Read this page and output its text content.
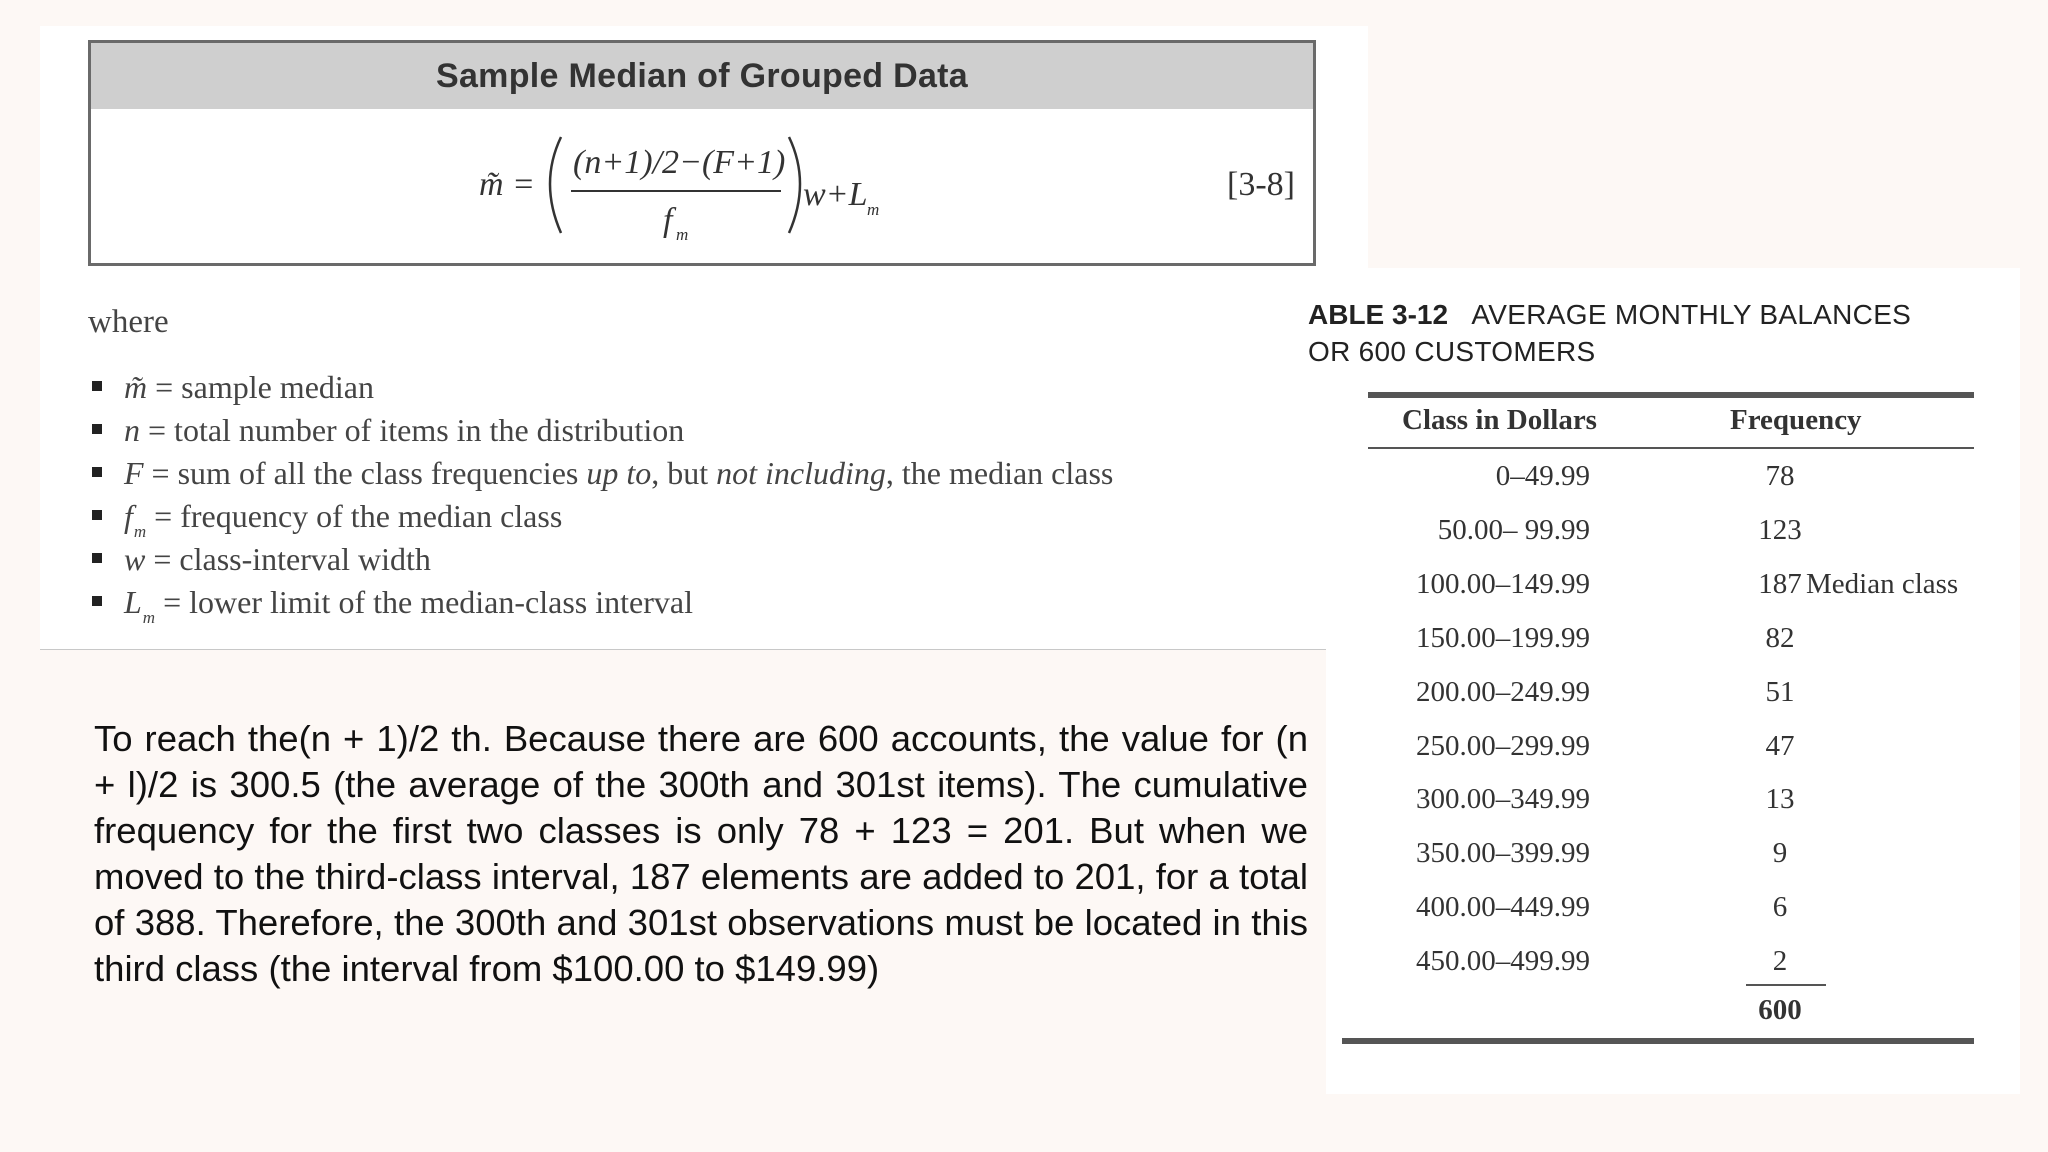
Sample Median of Grouped Data
m̃ =
(n+1)/2−(F+1)
f m
w+L m
[3-8]
where
m̃ = sample median
n = total number of items in the distribution
F = sum of all the class frequencies up to, but not including, the median class
$f_m$ = frequency of the median class
w = class-interval width
$L_m$ = lower limit of the median-class interval

To reach the(n + 1)/2 th. Because there are 600 accounts, the value for (n + l)/2 is 300.5 (the average of the 300th and 301st items). The cumulative frequency for the first two classes is only 78 + 123 = 201. But when we moved to the third-class interval, 187 elements are added to 201, for a total of 388. Therefore, the 300th and 301st observations must be located in this third class (the interval from $100.00 to $149.99)

ABLE 3-12 AVERAGE MONTHLY BALANCES
OR 600 CUSTOMERS

Class in Dollars	Frequency
0–49.99	78
50.00– 99.99	123
100.00–149.99	187 Median class
150.00–199.99	82
200.00–249.99	51
250.00–299.99	47
300.00–349.99	13
350.00–399.99	9
400.00–449.99	6
450.00–499.99	2
600
